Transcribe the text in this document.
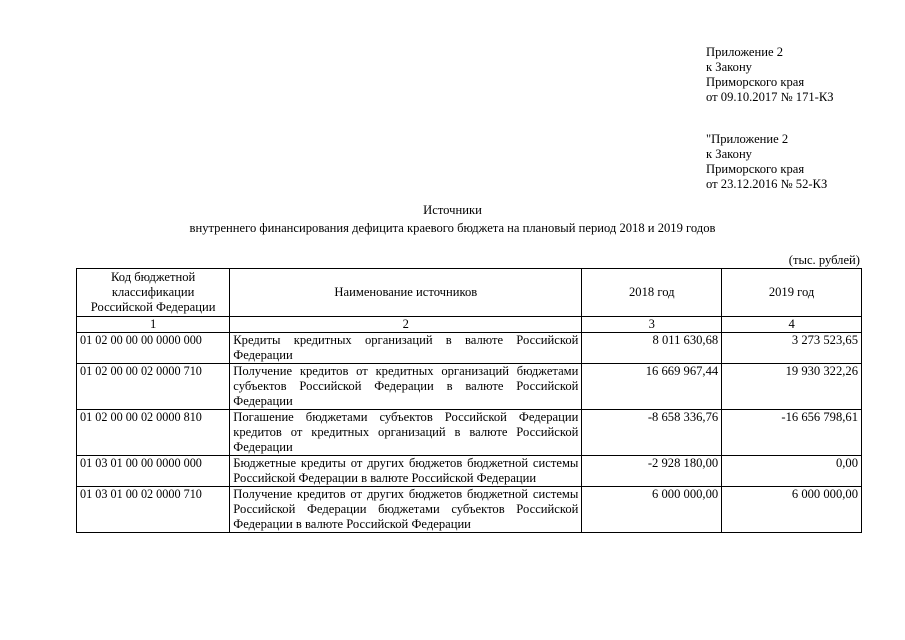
Приложение 2
к Закону
Приморского края
от 09.10.2017 № 171-КЗ
"Приложение 2
к Закону
Приморского края
от 23.12.2016 № 52-КЗ
Источники
внутреннего финансирования дефицита краевого бюджета на плановый период 2018 и 2019 годов
(тыс. рублей)
Код бюджетной классификации Российской Федерации	Наименование источников	2018 год	2019 год
1	2	3	4
01 02 00 00 00 0000 000	Кредиты кредитных организаций в валюте Российской Федерации	8 011 630,68	3 273 523,65
01 02 00 00 02 0000 710	Получение кредитов от кредитных организаций бюджетами субъектов Российской Федерации в валюте Российской Федерации	16 669 967,44	19 930 322,26
01 02 00 00 02 0000 810	Погашение бюджетами субъектов Российской Федерации кредитов от кредитных организаций в валюте Российской Федерации	-8 658 336,76	-16 656 798,61
01 03 01 00 00 0000 000	Бюджетные кредиты от других бюджетов бюджетной системы Российской Федерации в валюте Российской Федерации	-2 928 180,00	0,00
01 03 01 00 02 0000 710	Получение кредитов от других бюджетов бюджетной системы Российской Федерации бюджетами субъектов Российской Федерации в валюте Российской Федерации	6 000 000,00	6 000 000,00
